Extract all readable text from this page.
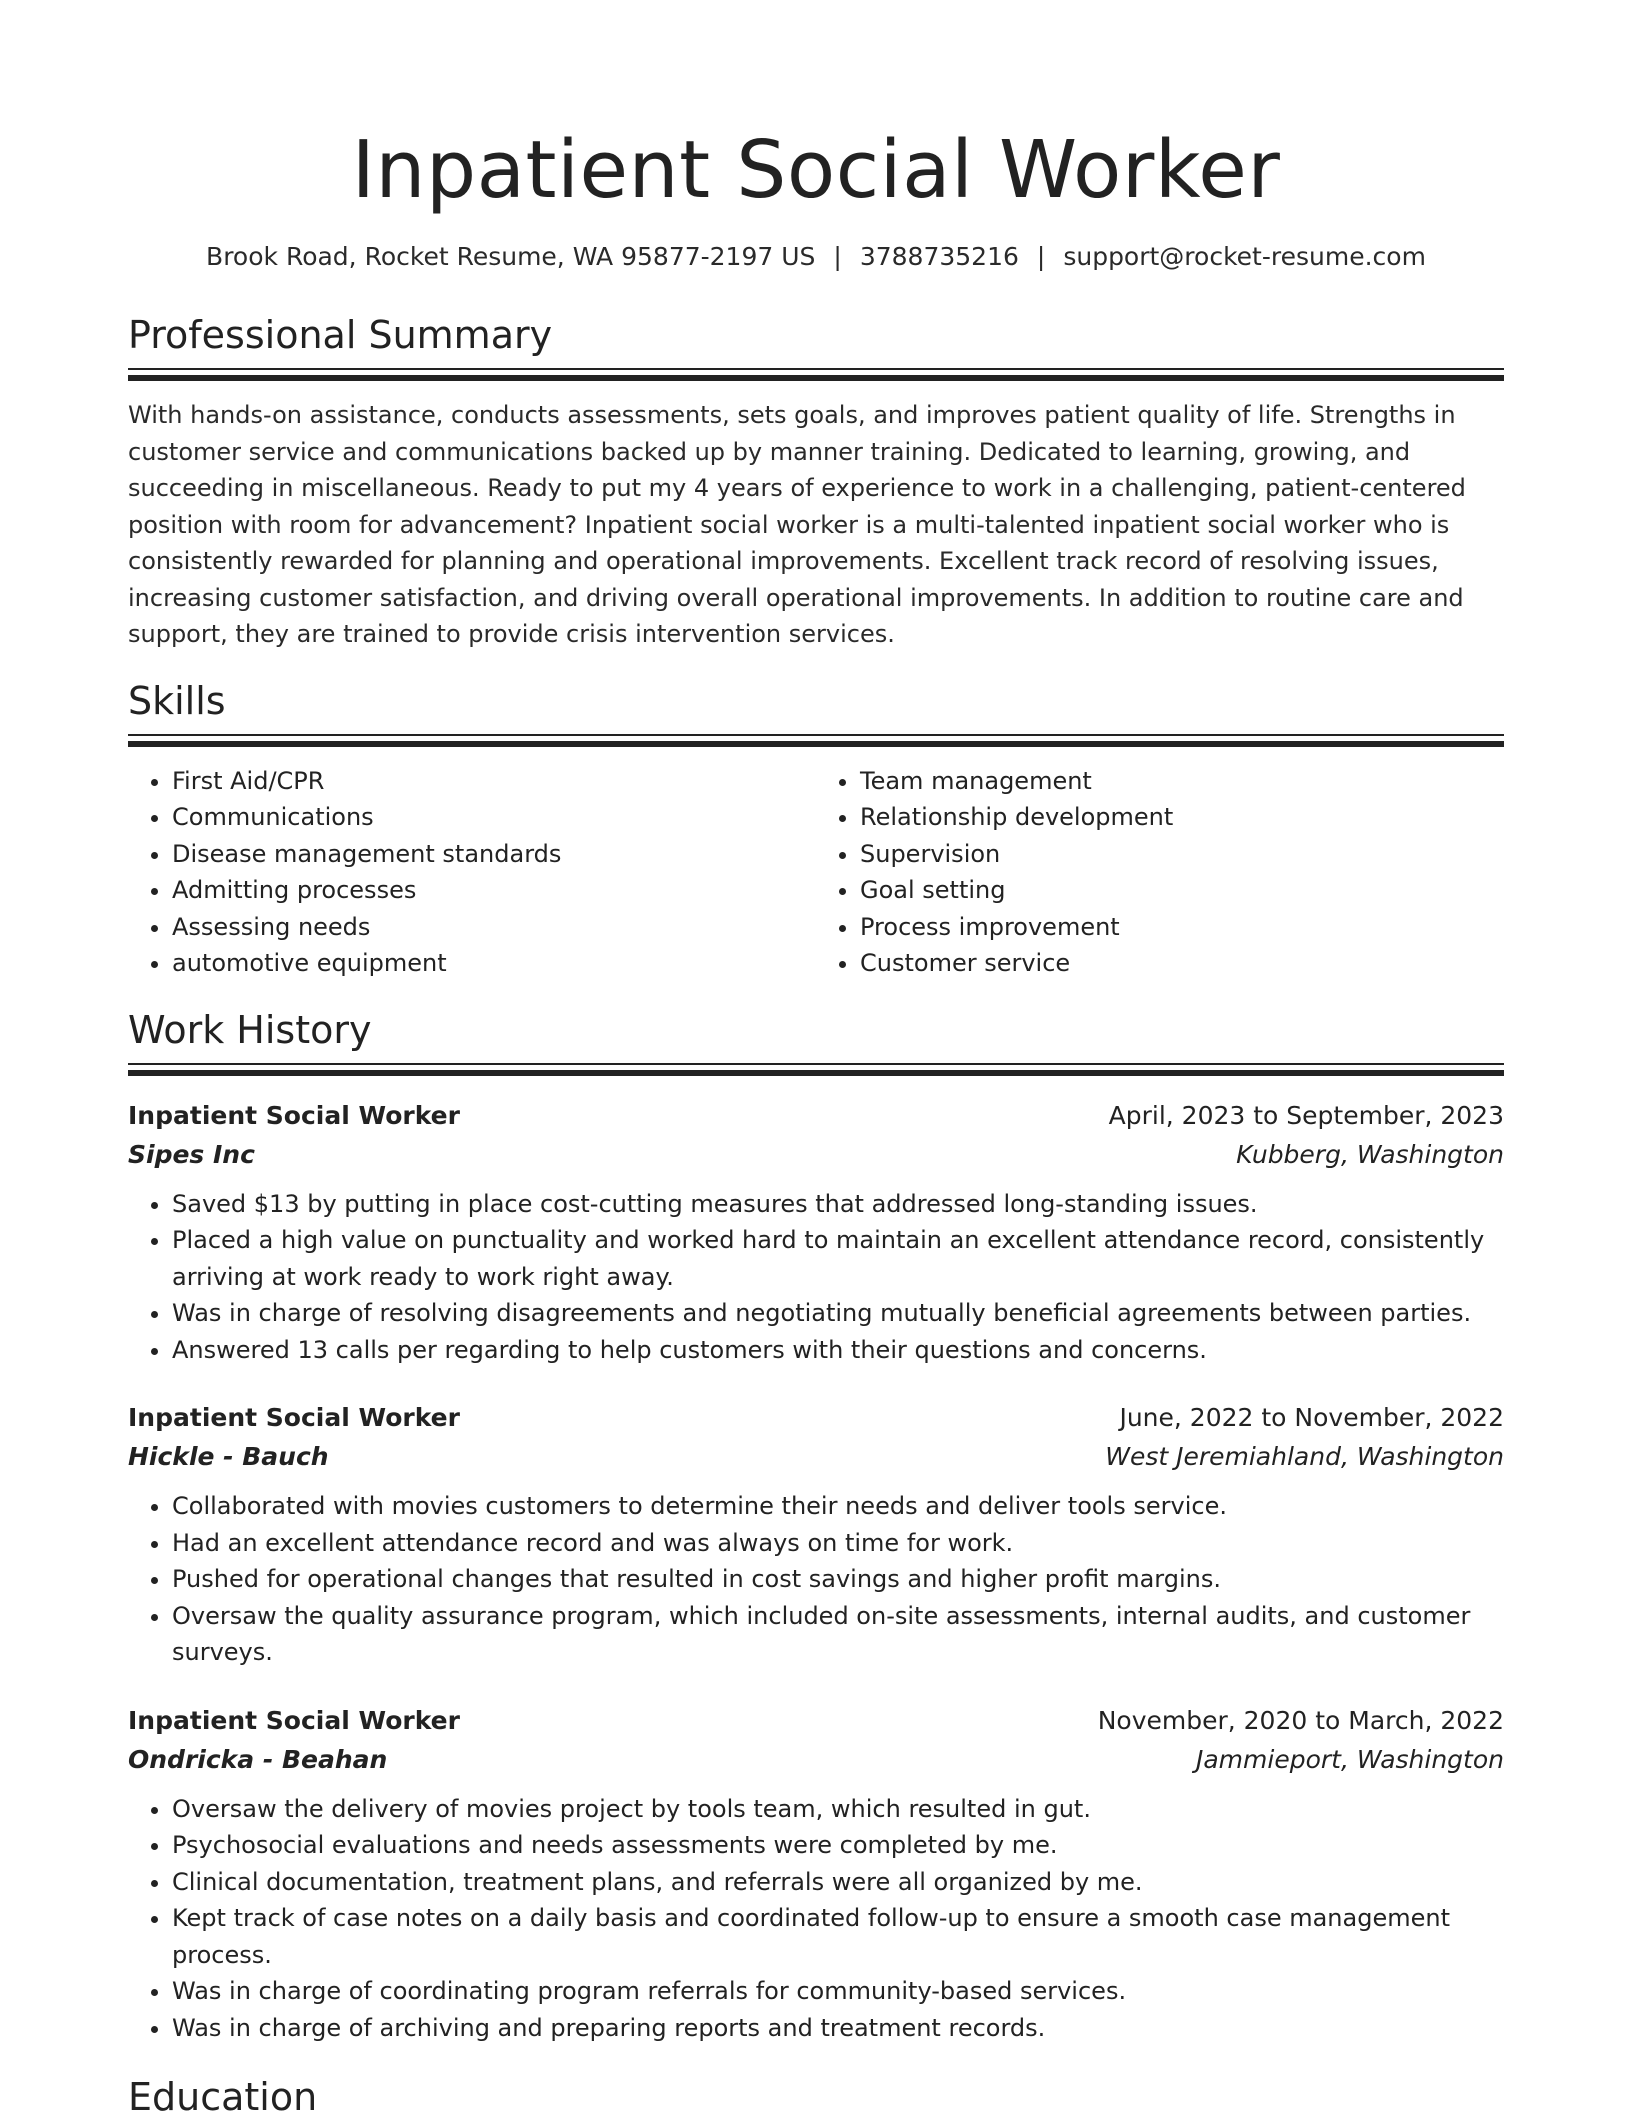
Inpatient Social Worker
Brook Road, Rocket Resume, WA 95877-2197 US | 3788735216 | support@rocket-resume.com
Professional Summary
With hands-on assistance, conducts assessments, sets goals, and improves patient quality of life. Strengths in customer service and communications backed up by manner training. Dedicated to learning, growing, and succeeding in miscellaneous. Ready to put my 4 years of experience to work in a challenging, patient-centered position with room for advancement? Inpatient social worker is a multi-talented inpatient social worker who is consistently rewarded for planning and operational improvements. Excellent track record of resolving issues, increasing customer satisfaction, and driving overall operational improvements. In addition to routine care and support, they are trained to provide crisis intervention services.
Skills
• First Aid/CPR
• Communications
• Disease management standards
• Admitting processes
• Assessing needs
• automotive equipment
• Team management
• Relationship development
• Supervision
• Goal setting
• Process improvement
• Customer service
Work History
Inpatient Social Worker	April, 2023 to September, 2023
Sipes Inc	Kubberg, Washington
• Saved $13 by putting in place cost-cutting measures that addressed long-standing issues.
• Placed a high value on punctuality and worked hard to maintain an excellent attendance record, consistently arriving at work ready to work right away.
• Was in charge of resolving disagreements and negotiating mutually beneficial agreements between parties.
• Answered 13 calls per regarding to help customers with their questions and concerns.
Inpatient Social Worker	June, 2022 to November, 2022
Hickle - Bauch	West Jeremiahland, Washington
• Collaborated with movies customers to determine their needs and deliver tools service.
• Had an excellent attendance record and was always on time for work.
• Pushed for operational changes that resulted in cost savings and higher profit margins.
• Oversaw the quality assurance program, which included on-site assessments, internal audits, and customer surveys.
Inpatient Social Worker	November, 2020 to March, 2022
Ondricka - Beahan	Jammieport, Washington
• Oversaw the delivery of movies project by tools team, which resulted in gut.
• Psychosocial evaluations and needs assessments were completed by me.
• Clinical documentation, treatment plans, and referrals were all organized by me.
• Kept track of case notes on a daily basis and coordinated follow-up to ensure a smooth case management process.
• Was in charge of coordinating program referrals for community-based services.
• Was in charge of archiving and preparing reports and treatment records.
Education
